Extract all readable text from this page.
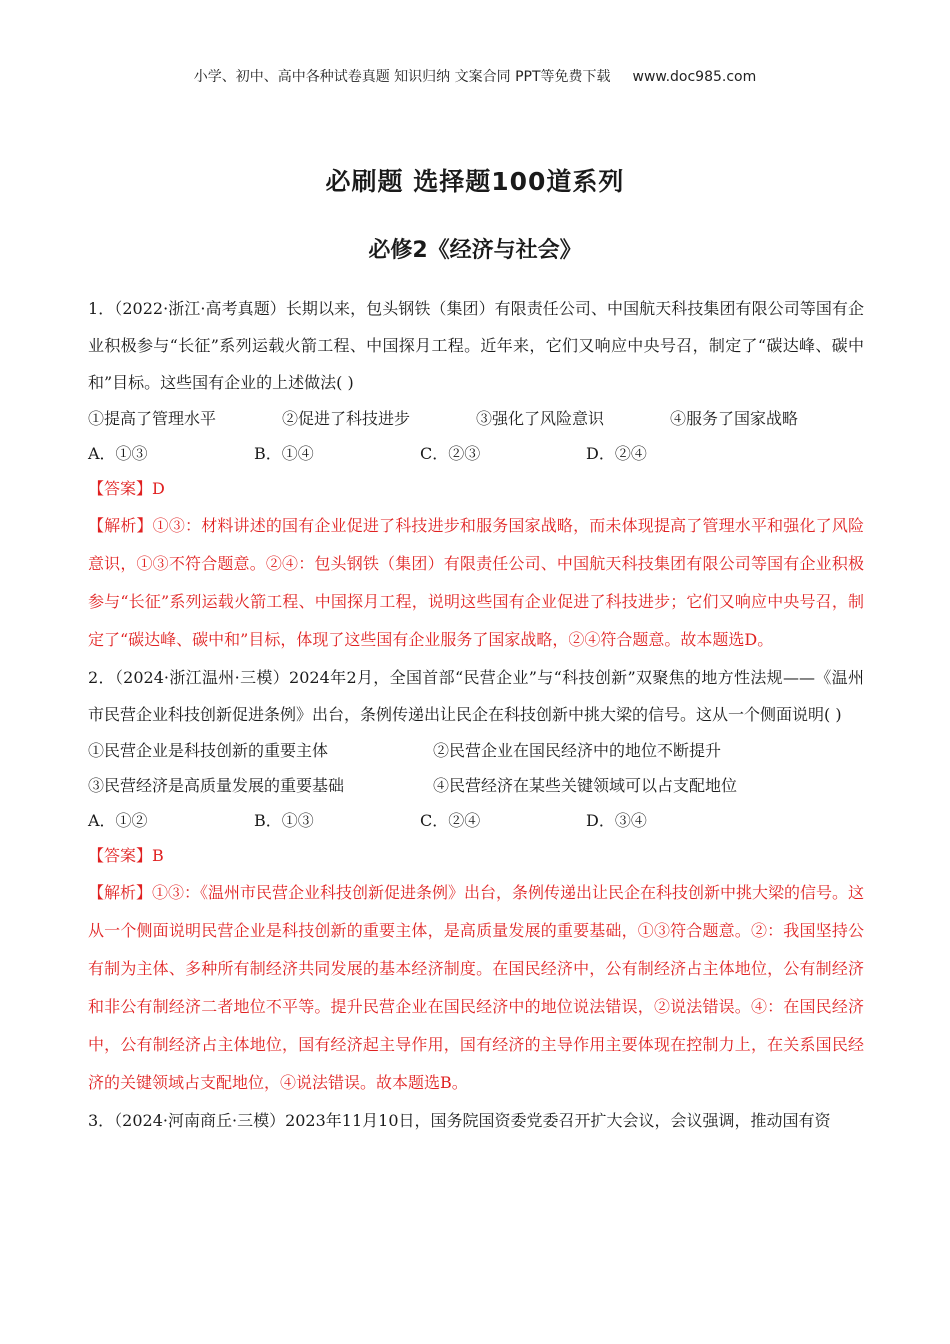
小学、初中、高中各种试卷真题 知识归纳 文案合同 PPT等免费下载 www.doc985.com
必刷题 选择题100道系列
必修2《经济与社会》
1．（2022·浙江·高考真题）长期以来，包头钢铁（集团）有限责任公司、中国航天科技集团有限公司等国有企业积极参与“长征”系列运载火箭工程、中国探月工程。近年来，它们又响应中央号召，制定了“碳达峰、碳中和”目标。这些国有企业的上述做法( )
①提高了管理水平	②促进了科技进步	③强化了风险意识	④服务了国家战略
A．①③	B．①④	C．②③	D．②④
【答案】D
【解析】①③：材料讲述的国有企业促进了科技进步和服务国家战略，而未体现提高了管理水平和强化了风险意识，①③不符合题意。②④：包头钢铁（集团）有限责任公司、中国航天科技集团有限公司等国有企业积极参与“长征”系列运载火箭工程、中国探月工程，说明这些国有企业促进了科技进步；它们又响应中央号召，制定了“碳达峰、碳中和”目标，体现了这些国有企业服务了国家战略，②④符合题意。故本题选D。
2．（2024·浙江温州·三模）2024年2月，全国首部“民营企业”与“科技创新”双聚焦的地方性法规——《温州市民营企业科技创新促进条例》出台，条例传递出让民企在科技创新中挑大梁的信号。这从一个侧面说明( )
①民营企业是科技创新的重要主体	②民营企业在国民经济中的地位不断提升
③民营经济是高质量发展的重要基础	④民营经济在某些关键领域可以占支配地位
A．①②	B．①③	C．②④	D．③④
【答案】B
【解析】①③：《温州市民营企业科技创新促进条例》出台，条例传递出让民企在科技创新中挑大梁的信号。这从一个侧面说明民营企业是科技创新的重要主体，是高质量发展的重要基础，①③符合题意。②：我国坚持公有制为主体、多种所有制经济共同发展的基本经济制度。在国民经济中，公有制经济占主体地位，公有制经济和非公有制经济二者地位不平等。提升民营企业在国民经济中的地位说法错误，②说法错误。④：在国民经济中，公有制经济占主体地位，国有经济起主导作用，国有经济的主导作用主要体现在控制力上，在关系国民经济的关键领域占支配地位，④说法错误。故本题选B。
3．（2024·河南商丘·三模）2023年11月10日，国务院国资委党委召开扩大会议，会议强调，推动国有资
